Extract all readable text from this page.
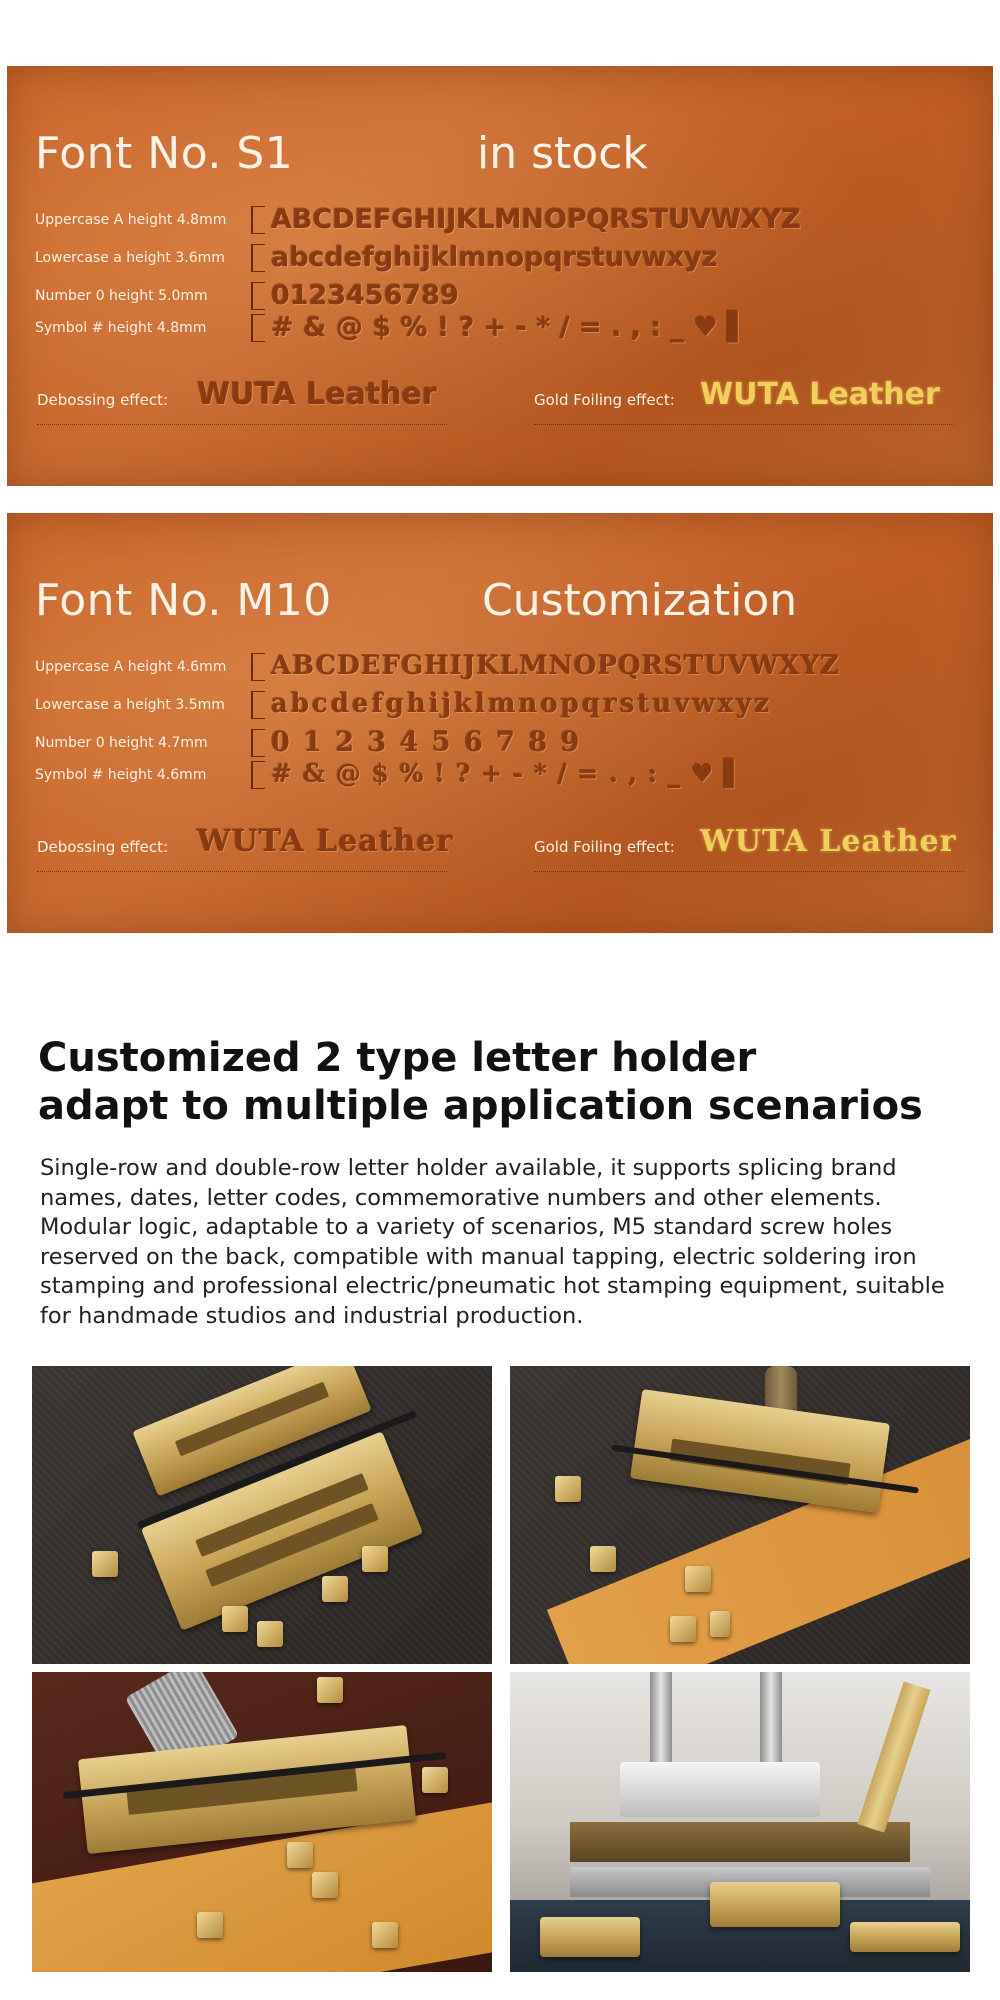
Font No. S1	in stock
Uppercase A height 4.8mm ABCDEFGHIJKLMNOPQRSTUVWXYZ
Lowercase a height 3.6mm abcdefghijklmnopqrstuvwxyz
Number 0 height 5.0mm 0123456789
Symbol # height 4.8mm # & @ $ % ! ? + - * / = . , : _ ♥ ▌
Debossing effect: WUTA Leather	Gold Foiling effect: WUTA Leather
Font No. M10	Customization
Uppercase A height 4.6mm ABCDEFGHIJKLMNOPQRSTUVWXYZ
Lowercase a height 3.5mm abcdefghijklmnopqrstuvwxyz
Number 0 height 4.7mm 0 1 2 3 4 5 6 7 8 9
Symbol # height 4.6mm	# & @ $ % ! ? + - * / = . , : _ ♥ ▌
Debossing effect: WUTA Leather	Gold Foiling effect: WUTA Leather
Customized 2 type letter holder
adapt to multiple application scenarios

Single-row and double-row letter holder available, it supports splicing brand names, dates, letter codes, commemorative numbers and other elements. Modular logic, adaptable to a variety of scenarios, M5 standard screw holes reserved on the back, compatible with manual tapping, electric soldering iron stamping and professional electric/pneumatic hot stamping equipment, suitable for handmade studios and industrial production.
